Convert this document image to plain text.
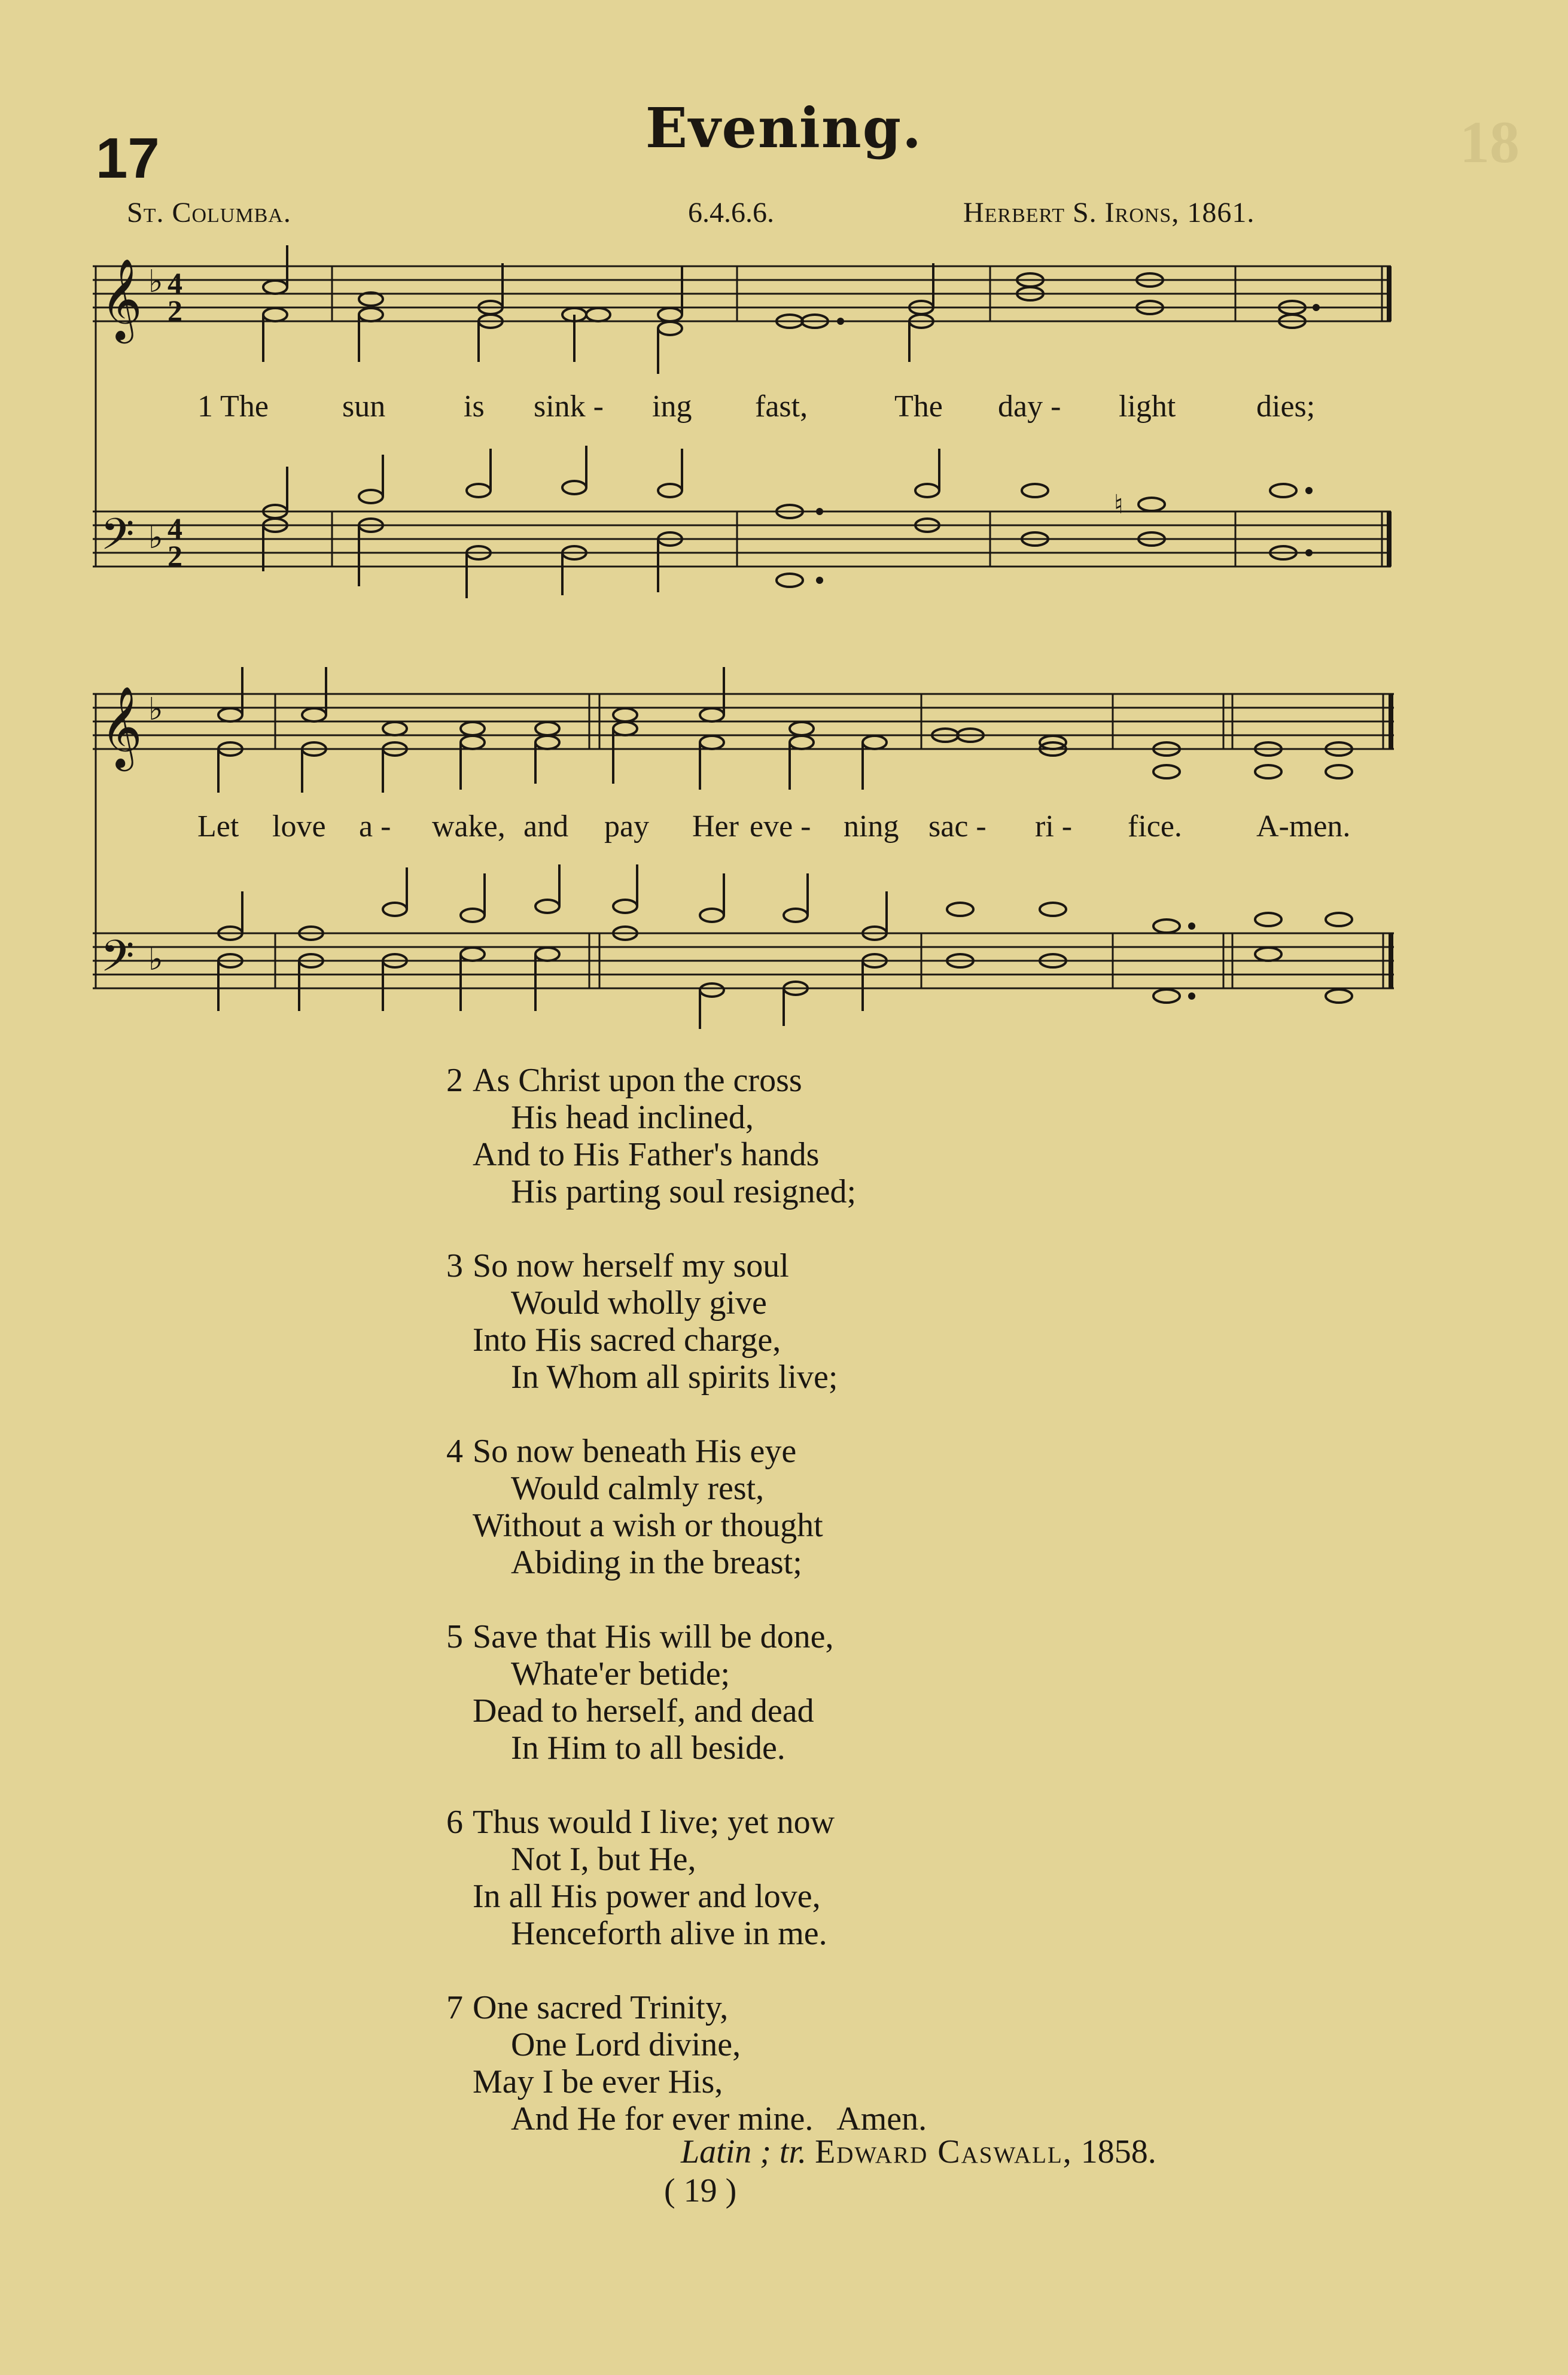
18
17	Evening.
St. Columba.	6.4.6.6.	Herbert S. Irons, 1861.
𝄞
𝄢
♭
♭
4
2
4
2
♮
1 The sun	is sink - ing fast,	The day - light	dies;
𝄞
𝄢
♭
♭
Let love a - wake, and pay Her eve - ning sac - ri - fice. A-men.
2 As Christ upon the cross
His head inclined,
And to His Father's hands
His parting soul resigned;
3 So now herself my soul
Would wholly give
Into His sacred charge,
In Whom all spirits live;
4 So now beneath His eye
Would calmly rest,
Without a wish or thought
Abiding in the breast;
5 Save that His will be done,
Whate'er betide;
Dead to herself, and dead
In Him to all beside.
6 Thus would I live; yet now
Not I, but He,
In all His power and love,
Henceforth alive in me.
7 One sacred Trinity,
One Lord divine,
May I be ever His,
And He for ever mine.   Amen.
Latin ; tr. Edward Caswall, 1858.
( 19 )
